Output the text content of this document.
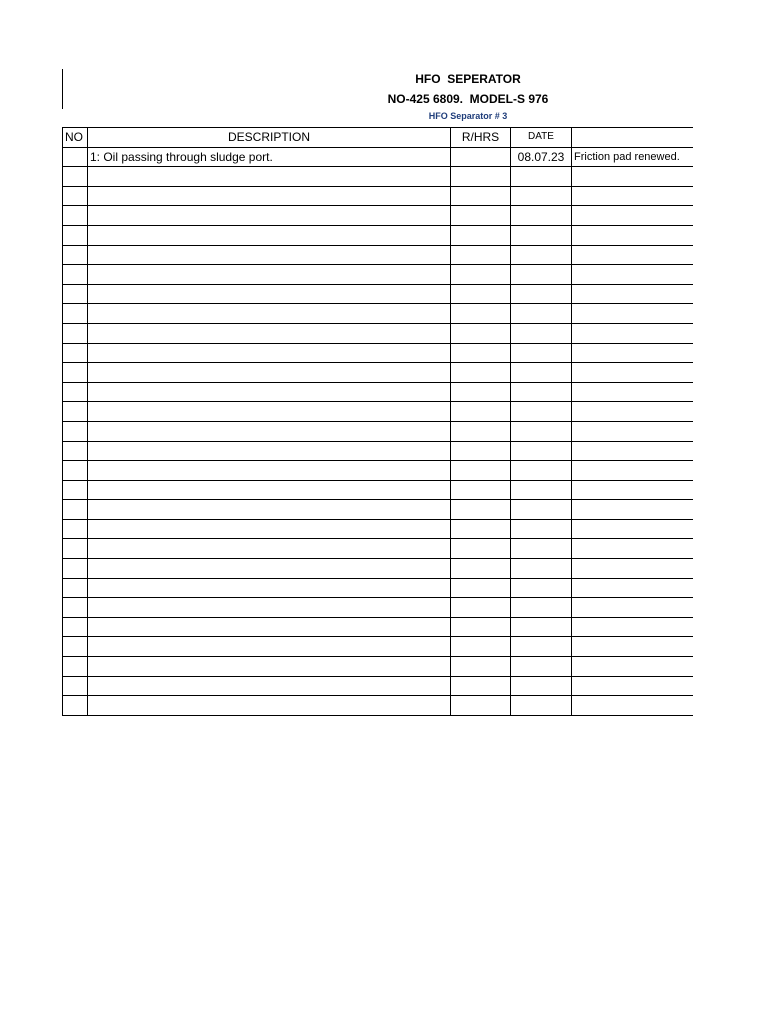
HFO  SEPERATOR
NO-425 6809.  MODEL-S 976
HFO Separator # 3
NO	DESCRIPTION	R/HRS	DATE	
	1: Oil passing through sludge port.		08.07.23	Friction pad renewed.
